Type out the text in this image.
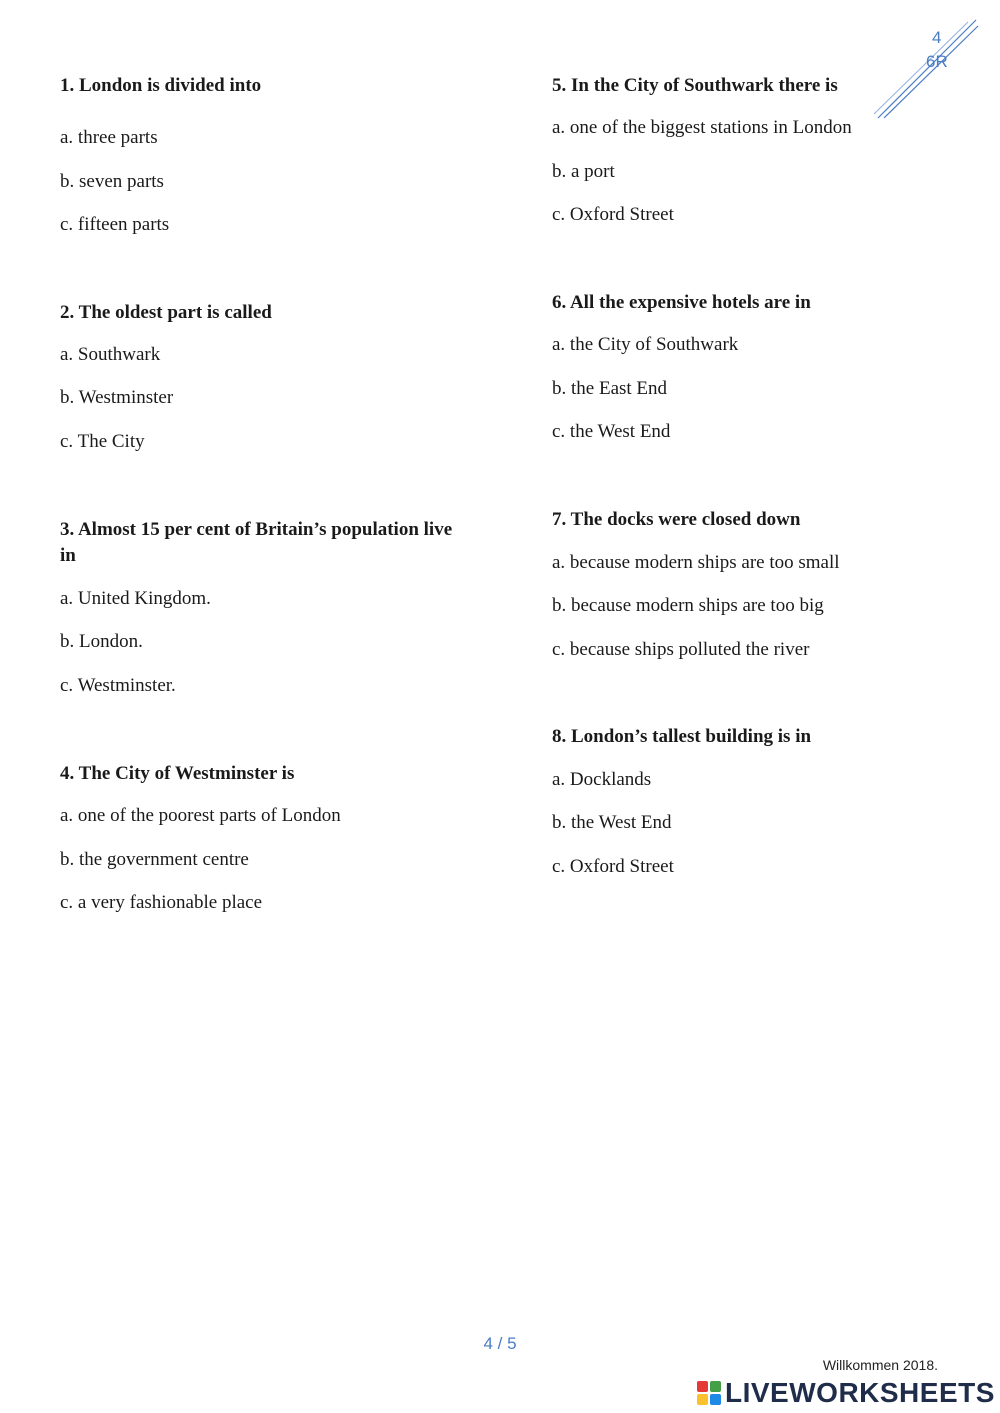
4
6R

1. London is divided into

a. three parts

b. seven parts

c. fifteen parts

2. The oldest part is called

a. Southwark

b. Westminster

c. The City

3. Almost 15 per cent of Britain’s population live in

a. United Kingdom.

b. London.

c. Westminster.

4. The City of Westminster is

a. one of the poorest parts of London

b. the government centre

c. a very fashionable place

5. In the City of Southwark there is

a. one of the biggest stations in London

b. a port

c. Oxford Street

6. All the expensive hotels are in

a. the City of Southwark

b. the East End

c. the West End

7. The docks were closed down

a. because modern ships are too small

b. because modern ships are too big

c. because ships polluted the river

8. London’s tallest building is in

a. Docklands

b. the West End

c. Oxford Street

4 / 5
Willkommen 2018.
LIVEWORKSHEETS
